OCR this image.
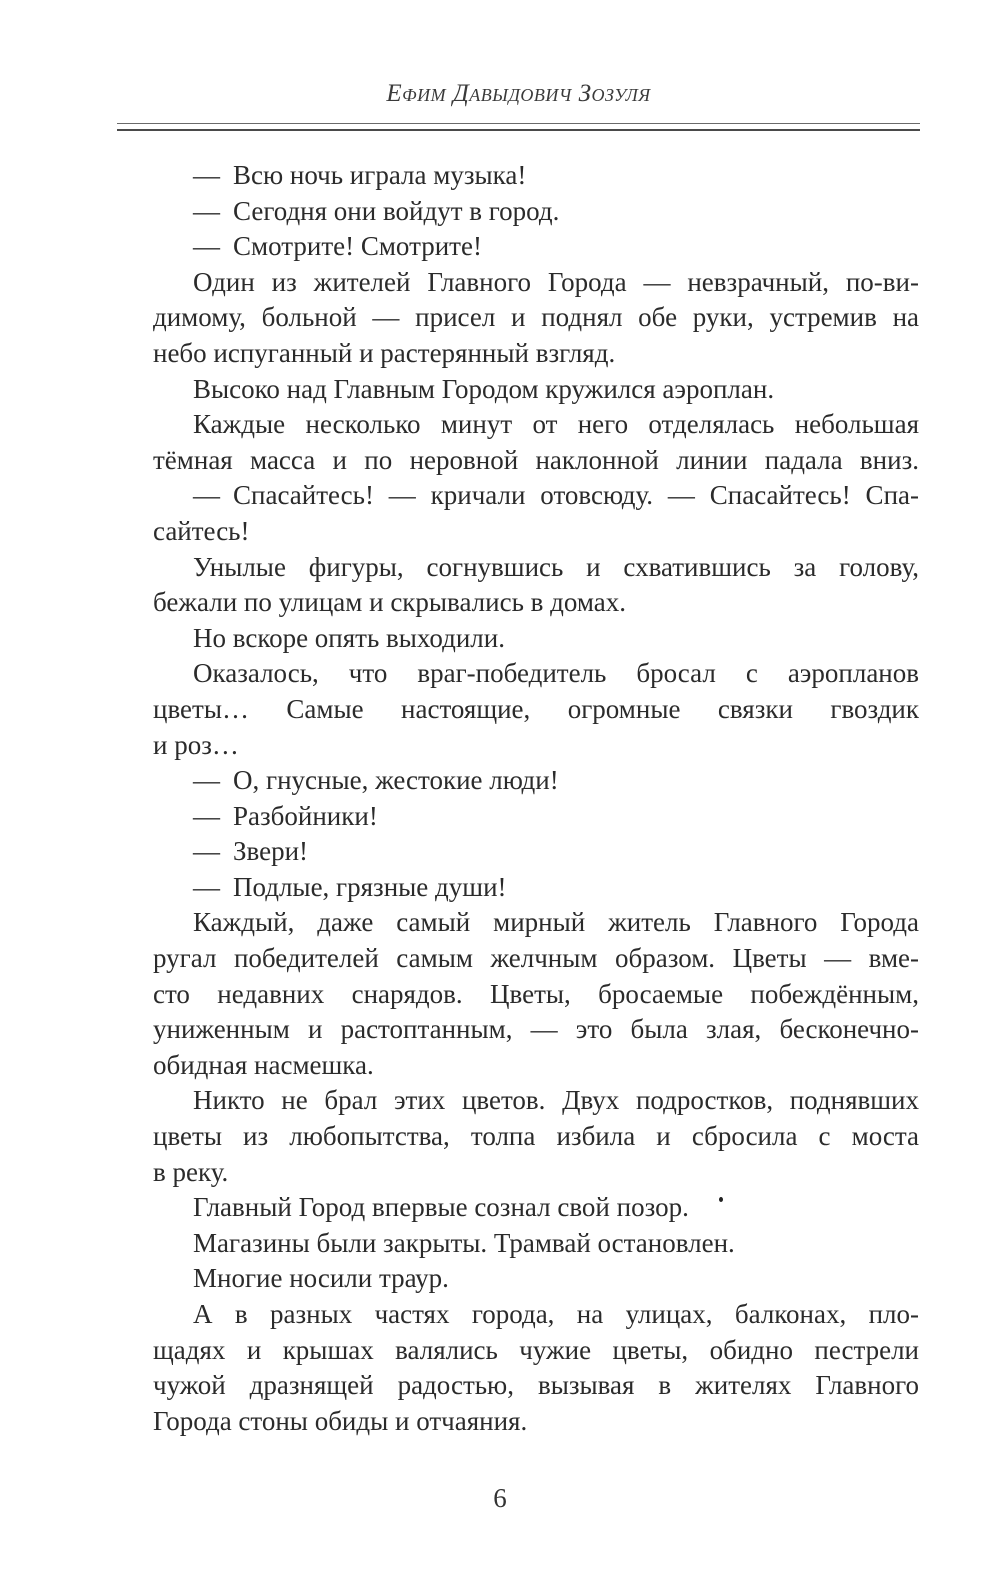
Ефим Давыдович Зозуля
— Всю ночь играла музыка!
— Сегодня они войдут в город.
— Смотрите! Смотрите!
Один из жителей Главного Города — невзрачный, по-ви-
димому, больной — присел и поднял обе руки, устремив на
небо испуганный и растерянный взгляд.
Высоко над Главным Городом кружился аэроплан.
Каждые несколько минут от него отделялась небольшая
тёмная масса и по неровной наклонной линии падала вниз.
— Спасайтесь! — кричали отовсюду. — Спасайтесь! Спа-
сайтесь!
Унылые фигуры, согнувшись и схватившись за голову,
бежали по улицам и скрывались в домах.
Но вскоре опять выходили.
Оказалось, что враг-победитель бросал с аэропланов
цветы… Самые настоящие, огромные связки гвоздик
и роз…
— О, гнусные, жестокие люди!
— Разбойники!
— Звери!
— Подлые, грязные души!
Каждый, даже самый мирный житель Главного Города
ругал победителей самым желчным образом. Цветы — вме-
сто недавних снарядов. Цветы, бросаемые побеждённым,
униженным и растоптанным, — это была злая, бесконечно-
обидная насмешка.
Никто не брал этих цветов. Двух подростков, поднявших
цветы из любопытства, толпа избила и сбросила с моста
в реку.
Главный Город впервые сознал свой позор.
Магазины были закрыты. Трамвай остановлен.
Многие носили траур.
А в разных частях города, на улицах, балконах, пло-
щадях и крышах валялись чужие цветы, обидно пестрели
чужой дразнящей радостью, вызывая в жителях Главного
Города стоны обиды и отчаяния.
6
